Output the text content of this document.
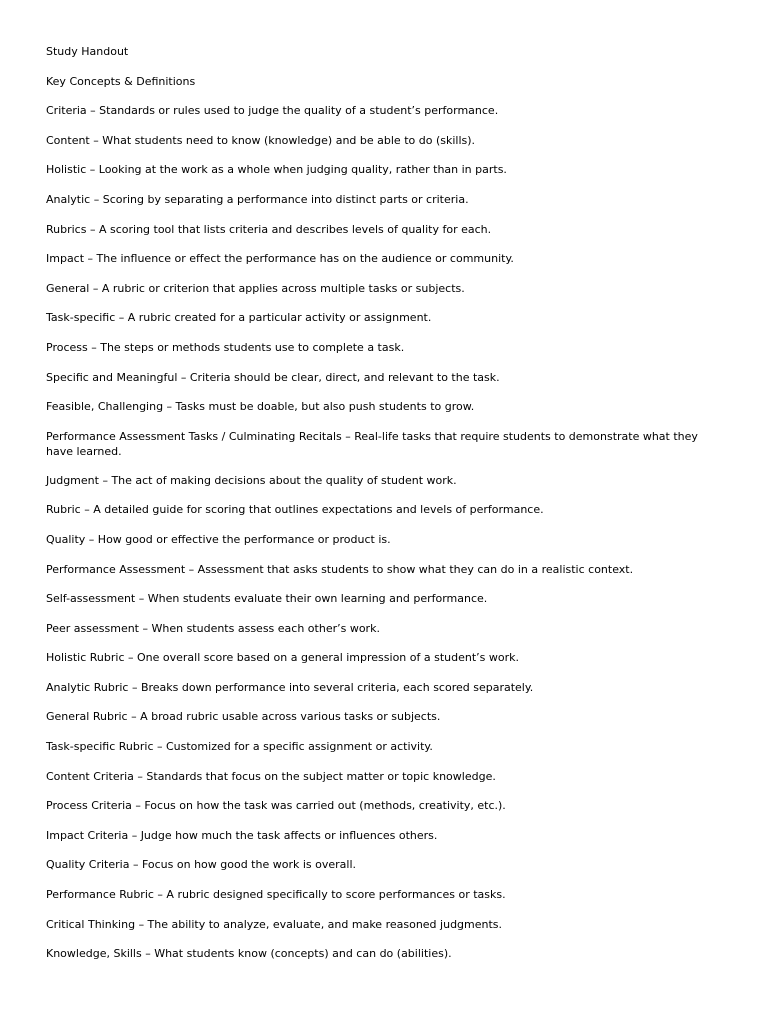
Study Handout
Key Concepts & Definitions
Criteria – Standards or rules used to judge the quality of a student’s performance.
Content – What students need to know (knowledge) and be able to do (skills).
Holistic – Looking at the work as a whole when judging quality, rather than in parts.
Analytic – Scoring by separating a performance into distinct parts or criteria.
Rubrics – A scoring tool that lists criteria and describes levels of quality for each.
Impact – The influence or effect the performance has on the audience or community.
General – A rubric or criterion that applies across multiple tasks or subjects.
Task-specific – A rubric created for a particular activity or assignment.
Process – The steps or methods students use to complete a task.
Specific and Meaningful – Criteria should be clear, direct, and relevant to the task.
Feasible, Challenging – Tasks must be doable, but also push students to grow.
Performance Assessment Tasks / Culminating Recitals – Real-life tasks that require students to demonstrate what they have learned.
Judgment – The act of making decisions about the quality of student work.
Rubric – A detailed guide for scoring that outlines expectations and levels of performance.
Quality – How good or effective the performance or product is.
Performance Assessment – Assessment that asks students to show what they can do in a realistic context.
Self-assessment – When students evaluate their own learning and performance.
Peer assessment – When students assess each other’s work.
Holistic Rubric – One overall score based on a general impression of a student’s work.
Analytic Rubric – Breaks down performance into several criteria, each scored separately.
General Rubric – A broad rubric usable across various tasks or subjects.
Task-specific Rubric – Customized for a specific assignment or activity.
Content Criteria – Standards that focus on the subject matter or topic knowledge.
Process Criteria – Focus on how the task was carried out (methods, creativity, etc.).
Impact Criteria – Judge how much the task affects or influences others.
Quality Criteria – Focus on how good the work is overall.
Performance Rubric – A rubric designed specifically to score performances or tasks.
Critical Thinking – The ability to analyze, evaluate, and make reasoned judgments.
Knowledge, Skills – What students know (concepts) and can do (abilities).
